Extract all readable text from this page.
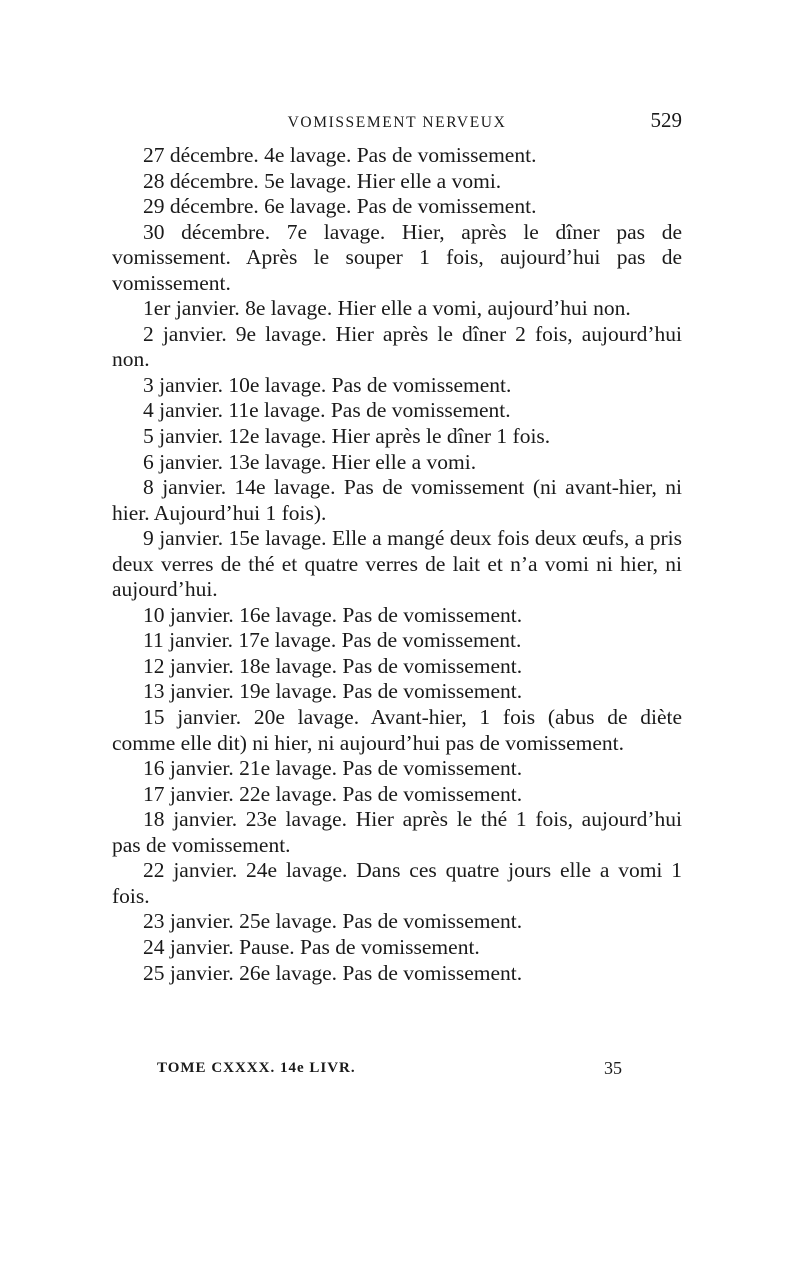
VOMISSEMENT NERVEUX	529

27 décembre. 4e lavage. Pas de vomissement.

28 décembre. 5e lavage. Hier elle a vomi.

29 décembre. 6e lavage. Pas de vomissement.

30 décembre. 7e lavage. Hier, après le dîner pas de vomissement. Après le souper 1 fois, aujourd’hui pas de vomissement.

1er janvier. 8e lavage. Hier elle a vomi, aujourd’hui non.

2 janvier. 9e lavage. Hier après le dîner 2 fois, aujourd’hui non.

3 janvier. 10e lavage. Pas de vomissement.

4 janvier. 11e lavage. Pas de vomissement.

5 janvier. 12e lavage. Hier après le dîner 1 fois.

6 janvier. 13e lavage. Hier elle a vomi.

8 janvier. 14e lavage. Pas de vomissement (ni avant-hier, ni hier. Aujourd’hui 1 fois).

9 janvier. 15e lavage. Elle a mangé deux fois deux œufs, a pris deux verres de thé et quatre verres de lait et n’a vomi ni hier, ni aujourd’hui.

10 janvier. 16e lavage. Pas de vomissement.

11 janvier. 17e lavage. Pas de vomissement.

12 janvier. 18e lavage. Pas de vomissement.

13 janvier. 19e lavage. Pas de vomissement.

15 janvier. 20e lavage. Avant-hier, 1 fois (abus de diète comme elle dit) ni hier, ni aujourd’hui pas de vomissement.

16 janvier. 21e lavage. Pas de vomissement.

17 janvier. 22e lavage. Pas de vomissement.

18 janvier. 23e lavage. Hier après le thé 1 fois, aujourd’hui pas de vomissement.

22 janvier. 24e lavage. Dans ces quatre jours elle a vomi 1 fois.

23 janvier. 25e lavage. Pas de vomissement.

24 janvier. Pause. Pas de vomissement.

25 janvier. 26e lavage. Pas de vomissement.

TOME CXXXX. 14e LIVR.	35
